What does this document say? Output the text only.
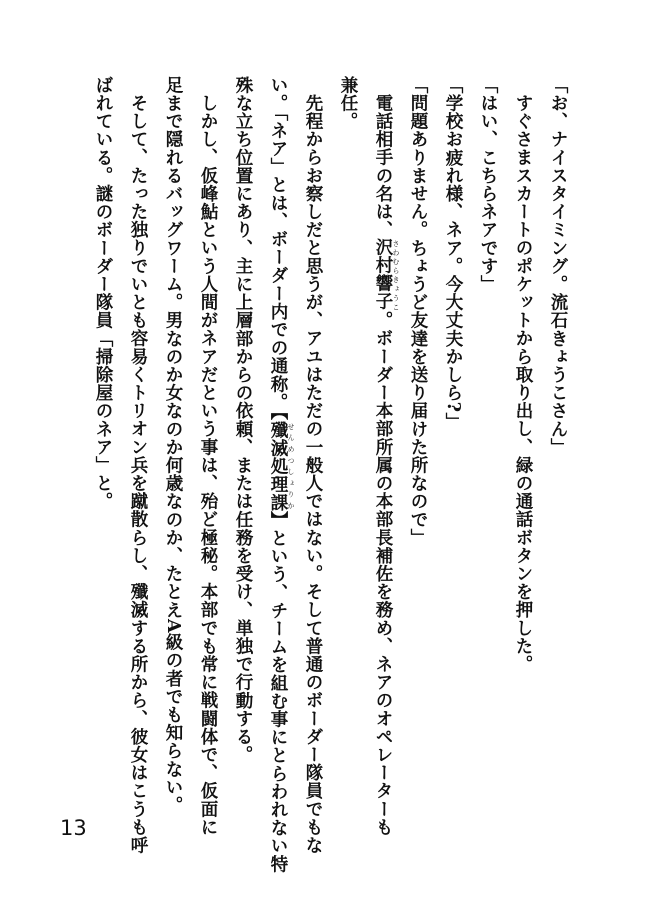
「お、ナイスタイミング。流石きょうこさん」

すぐさまスカートのポケットから取り出し、緑の通話ボタンを押した。

「はい、こちらネアです」

「学校お疲れ様、ネア。今大丈夫かしら?」

「問題ありません。ちょうど友達を送り届けた所なので」

電話相手の名は、沢村響子 さわむらきょうこ。ボーダー本部所属の本部長補佐を務め、ネアのオペレーターも

兼任。

先程からお察しだと思うが、アユはただの一般人ではない。そして普通のボーダー隊員でもな

い。「ネア」とは、ボーダー内での通称。【殲滅処理課 せんめつしょりか】という、チームを組む事にとらわれない特

殊な立ち位置にあり、主に上層部からの依頼、または任務を受け、単独で行動する。

しかし、仮峰鮎という人間がネアだという事は、殆ど極秘。本部でも常に戦闘体で、仮面に

足まで隠れるバッグワーム。男なのか女なのか何歳なのか、たとえA級の者でも知らない。

そして、たった独りでいとも容易くトリオン兵を蹴散らし、殲滅する所から、彼女はこうも呼

ばれている。謎のボーダー隊員「掃除屋のネア」と。

13
